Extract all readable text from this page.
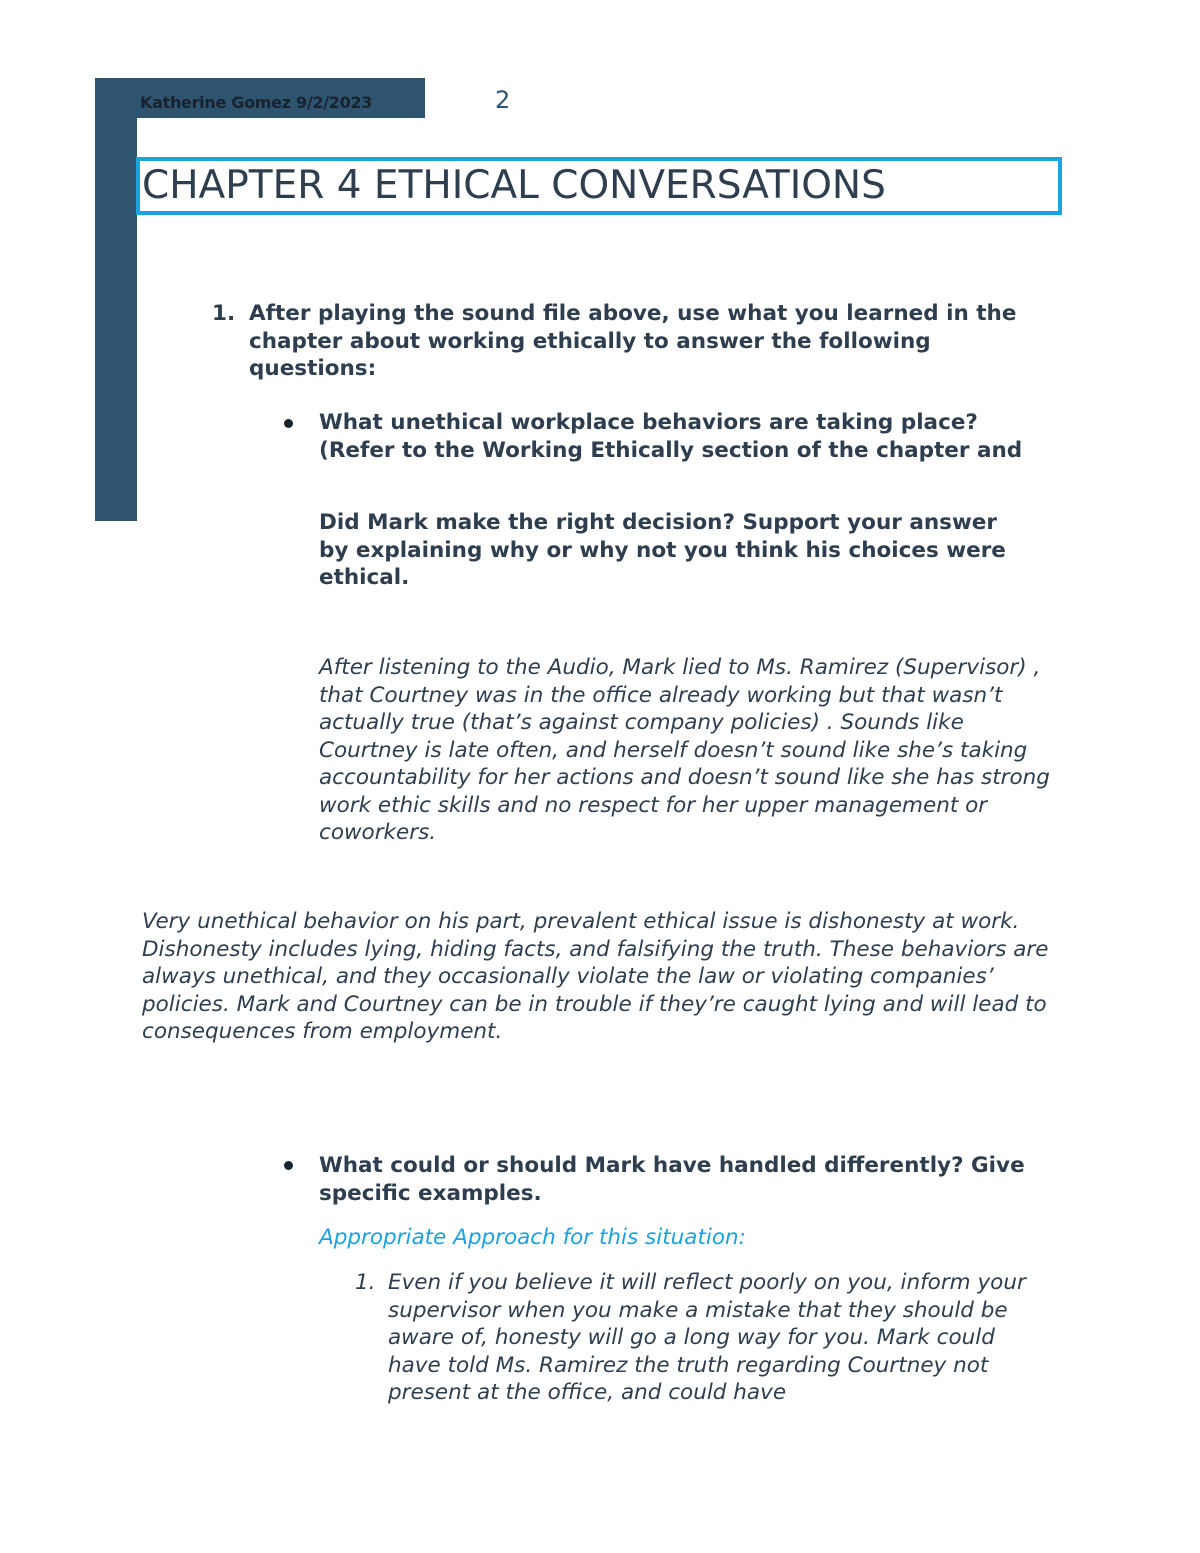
Katherine Gomez 9/2/2023	2
CHAPTER 4 ETHICAL CONVERSATIONS
1. After playing the sound file above, use what you learned in the chapter about working ethically to answer the following questions:
What unethical workplace behaviors are taking place? (Refer to the Working Ethically section of the chapter and
Did Mark make the right decision? Support your answer by explaining why or why not you think his choices were ethical.
After listening to the Audio, Mark lied to Ms. Ramirez (Supervisor) , that Courtney was in the office already working but that wasn’t actually true (that’s against company policies) . Sounds like Courtney is late often, and herself doesn’t sound like she’s taking accountability for her actions and doesn’t sound like she has strong work ethic skills and no respect for her upper management or coworkers.
Very unethical behavior on his part, prevalent ethical issue is dishonesty at work. Dishonesty includes lying, hiding facts, and falsifying the truth. These behaviors are always unethical, and they occasionally violate the law or violating companies’ policies. Mark and Courtney can be in trouble if they’re caught lying and will lead to consequences from employment.
What could or should Mark have handled differently? Give specific examples.
Appropriate Approach for this situation:
1. Even if you believe it will reflect poorly on you, inform your supervisor when you make a mistake that they should be aware of, honesty will go a long way for you. Mark could have told Ms. Ramirez the truth regarding Courtney not present at the office, and could have
